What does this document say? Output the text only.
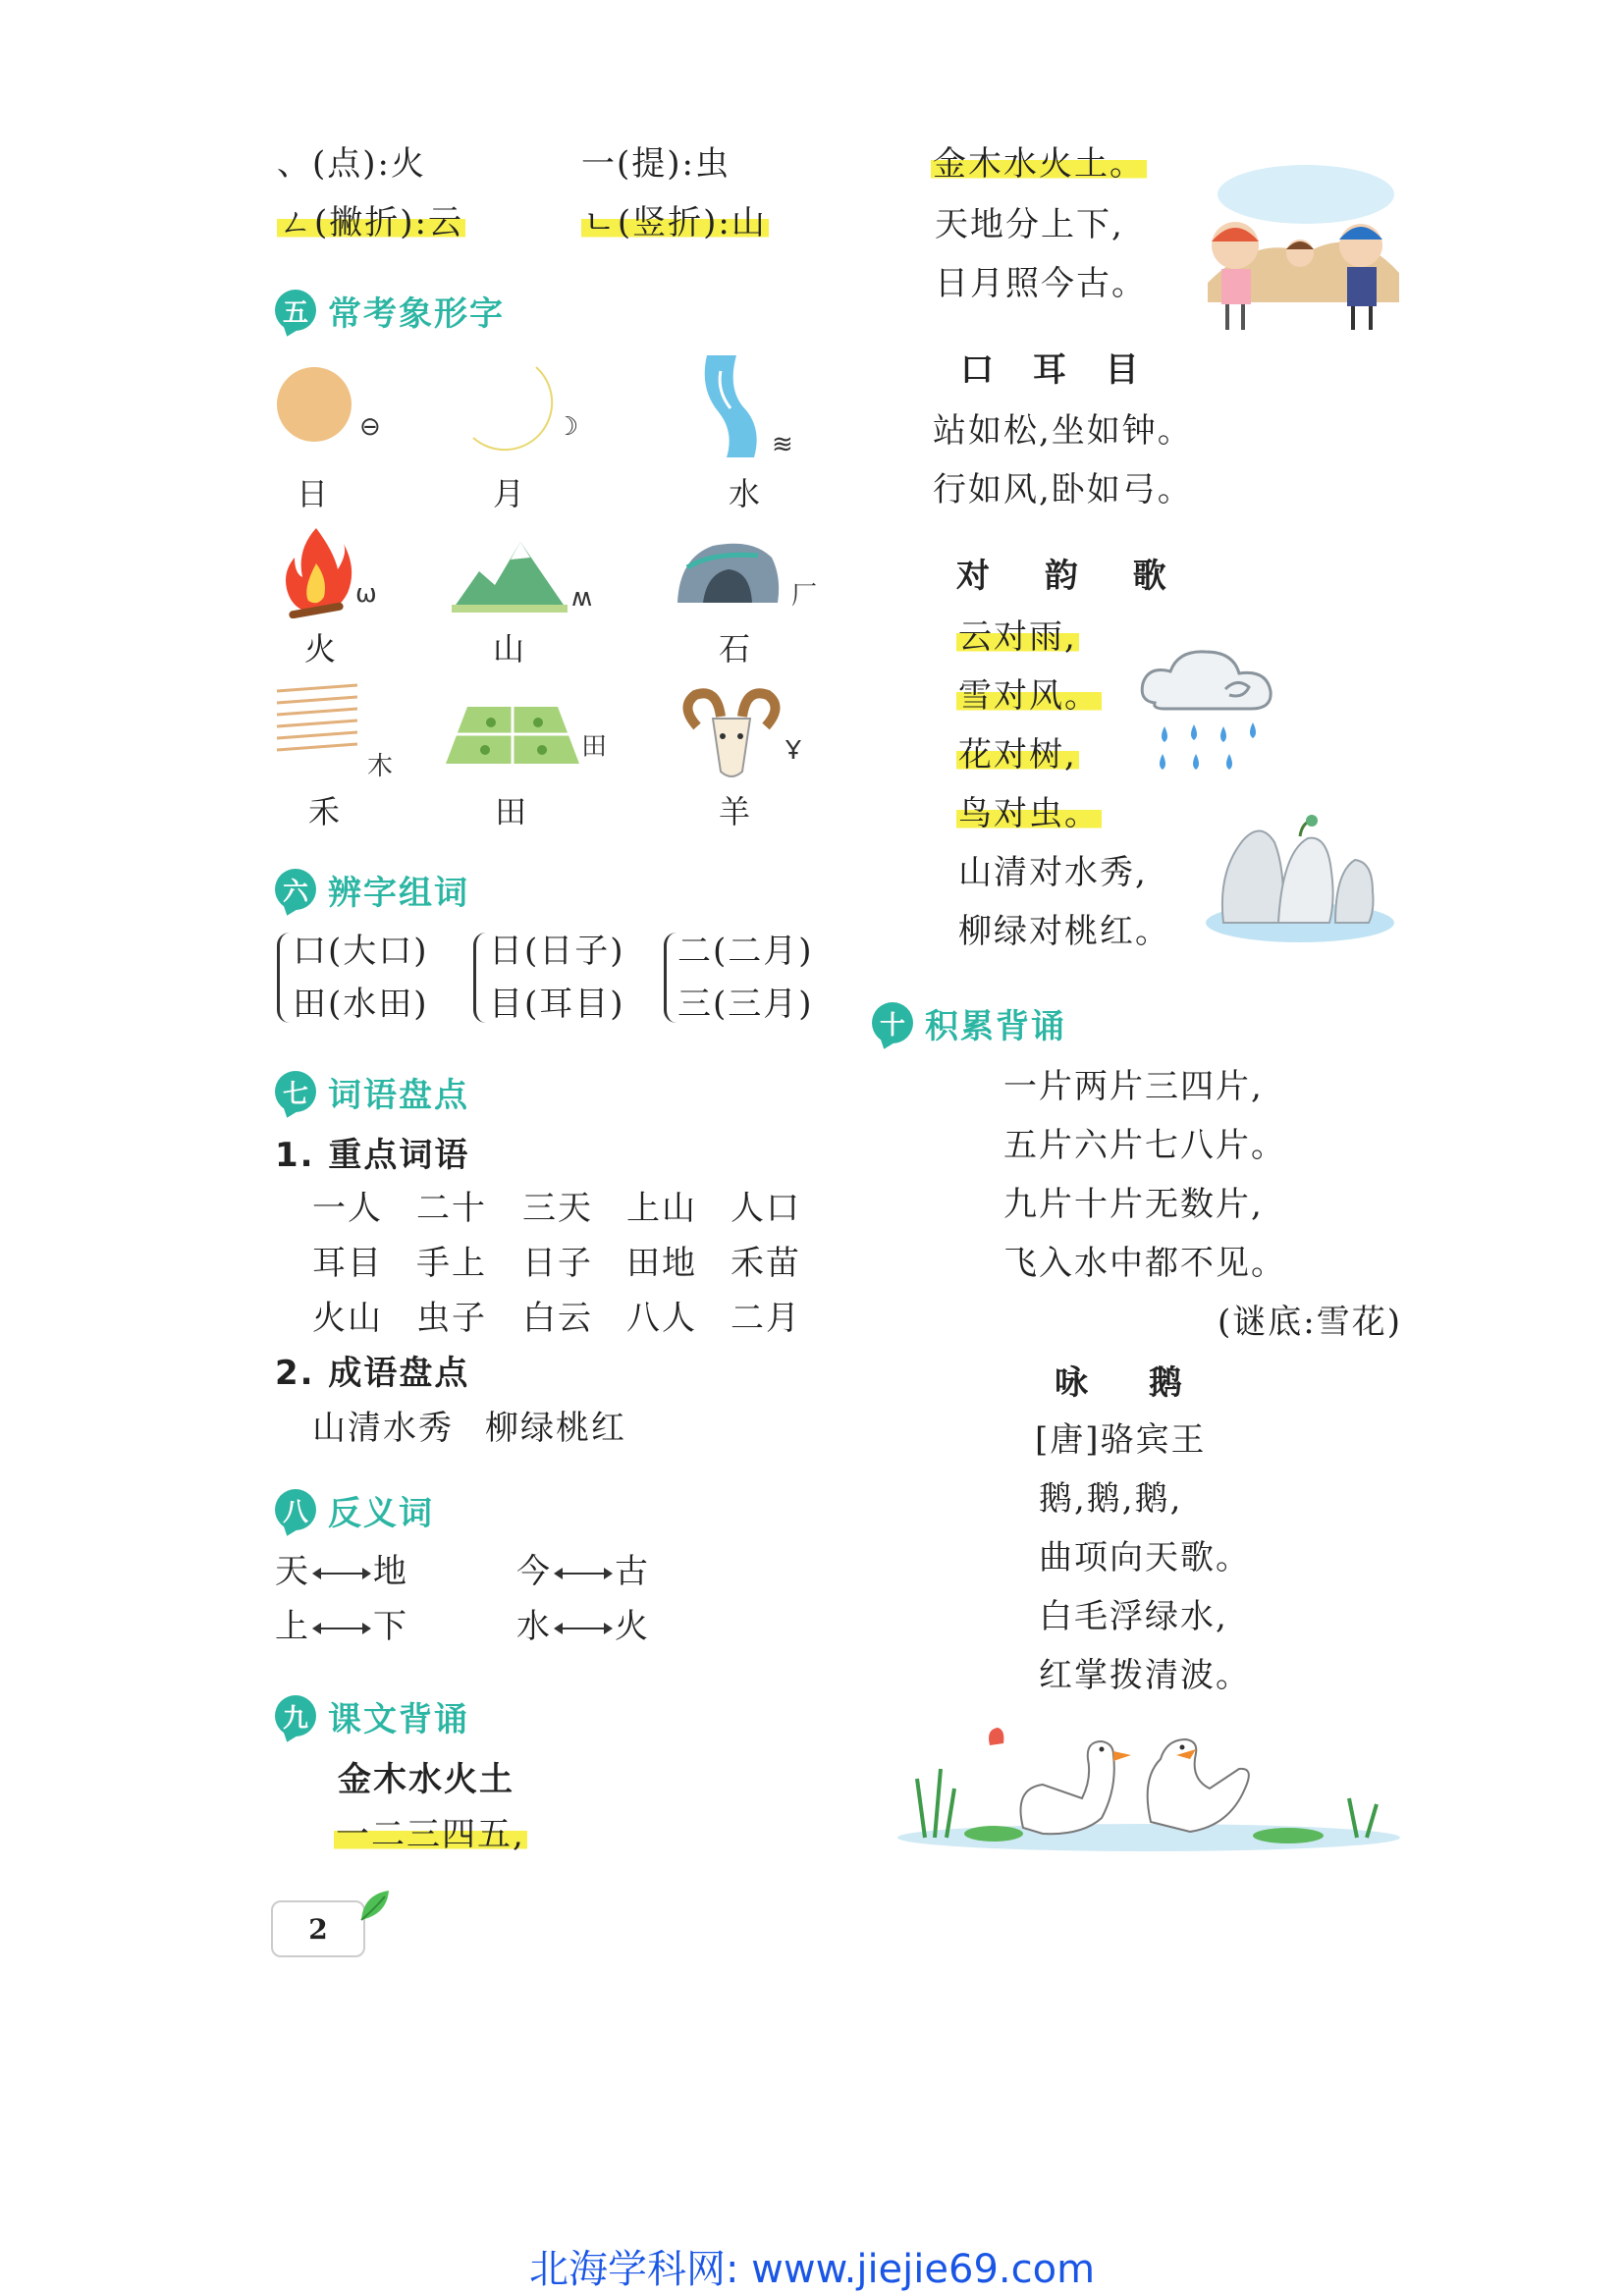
、(点):火	一(提):虫
ㄥ(撇折):云	ㄴ(竖折):山
五 常考象形字
⊖
日
☽
月
≋
水
ω
火
ʍ
山
厂
石
木
禾
田
田
Ұ
羊
六 辨字组词
口(大口)
田(水田)
日(日子)
目(耳目)
二(二月)
三(三月)
七 词语盘点
1. 重点词语
一人 二十 三天 上山 人口
耳目 手上 日子 田地 禾苗
火山 虫子 白云 八人 二月
2. 成语盘点
山清水秀 柳绿桃红
八 反义词
天 地	今 古
上 下	水 火
九 课文背诵
金木水火土
一二三四五,
2
金木水火土。
天地分上下,
日月照今古。
口 耳 目
站如松,坐如钟。
行如风,卧如弓。
对 韵 歌
云对雨,
雪对风。
花对树,
鸟对虫。
山清对水秀,
柳绿对桃红。
十 积累背诵
一片两片三四片,
五片六片七八片。
九片十片无数片,
飞入水中都不见。
(谜底:雪花)
咏　鹅
[唐]骆宾王
鹅,鹅,鹅,
曲项向天歌。
白毛浮绿水,
红掌拨清波。
北海学科网: www.jiejie69.com
